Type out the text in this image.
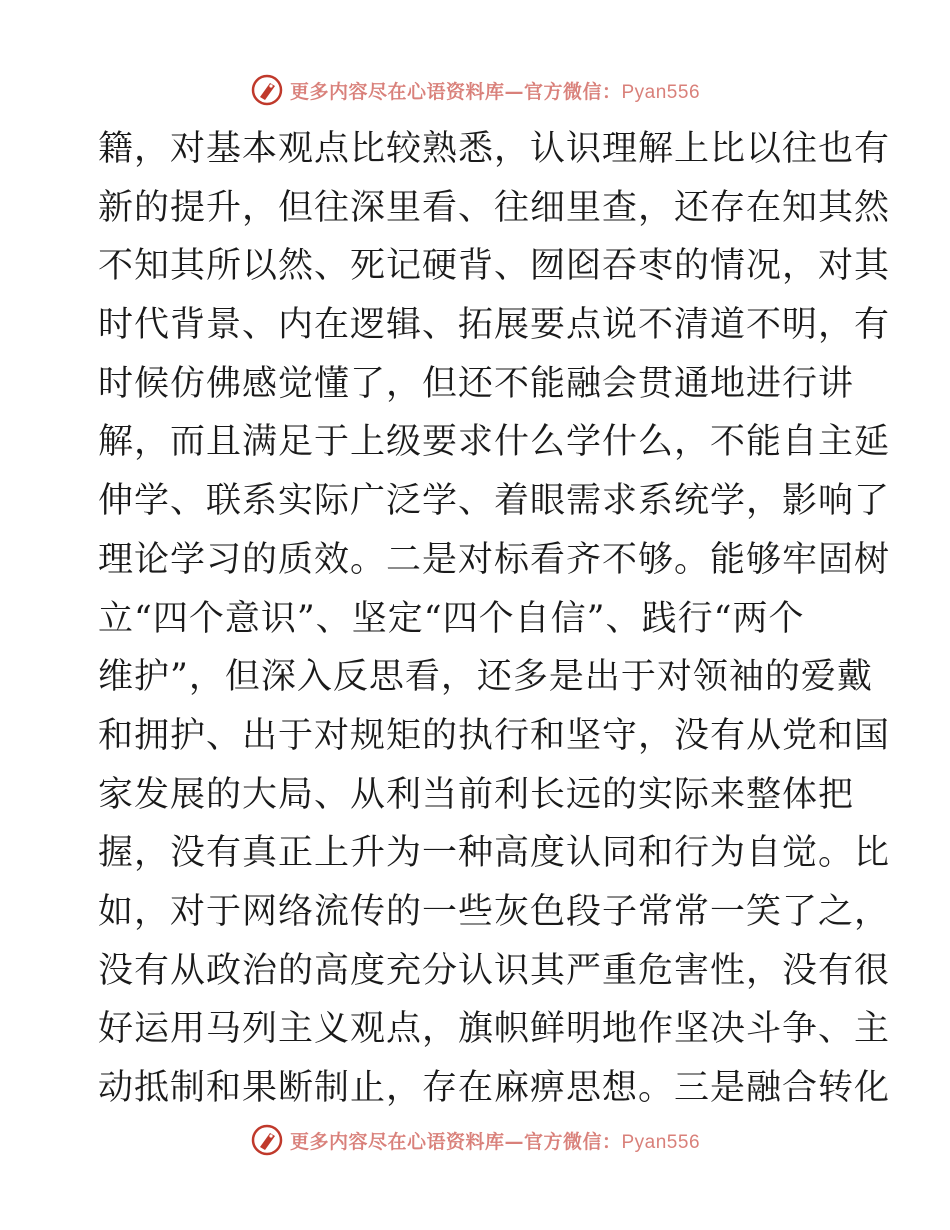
更多内容尽在心语资料库—官方微信：Pyan556
籍，对基本观点比较熟悉，认识理解上比以往也有
新的提升，但往深里看、往细里查，还存在知其然
不知其所以然、死记硬背、囫囵吞枣的情况，对其
时代背景、内在逻辑、拓展要点说不清道不明，有
时候仿佛感觉懂了，但还不能融会贯通地进行讲
解，而且满足于上级要求什么学什么，不能自主延
伸学、联系实际广泛学、着眼需求系统学，影响了
理论学习的质效。二是对标看齐不够。能够牢固树
立“四个意识”、坚定“四个自信”、践行“两个
维护”，但深入反思看，还多是出于对领袖的爱戴
和拥护、出于对规矩的执行和坚守，没有从党和国
家发展的大局、从利当前利长远的实际来整体把
握，没有真正上升为一种高度认同和行为自觉。比
如，对于网络流传的一些灰色段子常常一笑了之，
没有从政治的高度充分认识其严重危害性，没有很
好运用马列主义观点，旗帜鲜明地作坚决斗争、主
动抵制和果断制止，存在麻痹思想。三是融合转化
更多内容尽在心语资料库—官方微信：Pyan556
